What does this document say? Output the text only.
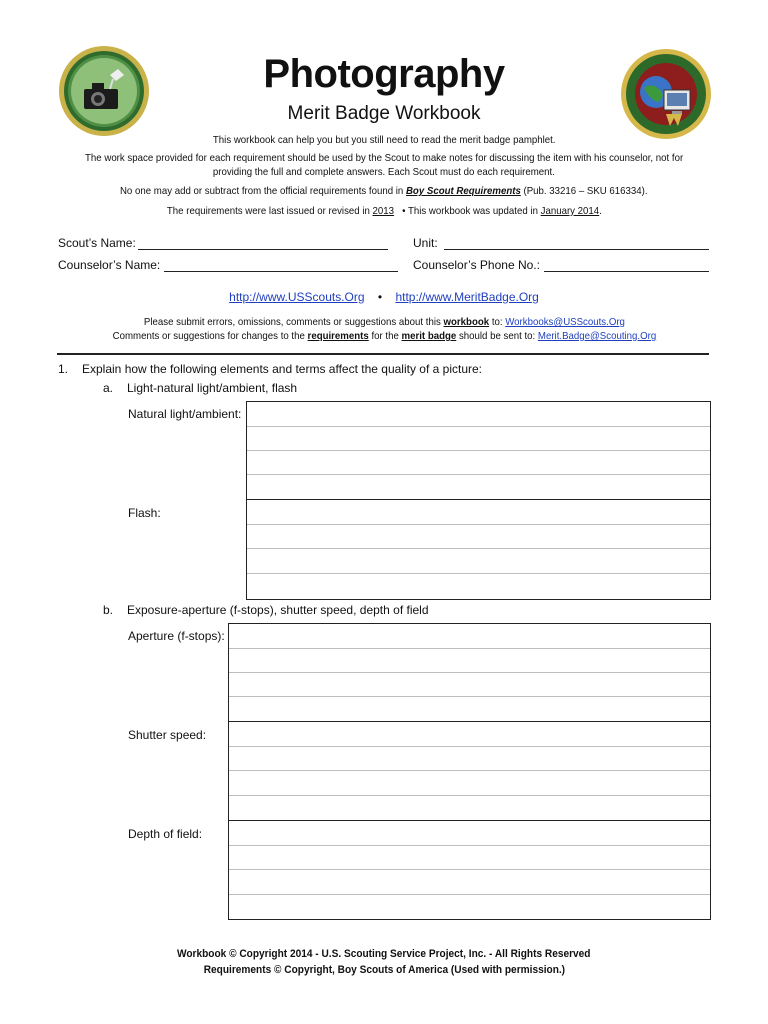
Photography
Merit Badge Workbook
This workbook can help you but you still need to read the merit badge pamphlet.
The work space provided for each requirement should be used by the Scout to make notes for discussing the item with his counselor, not for
providing the full and complete answers. Each Scout must do each requirement.
No one may add or subtract from the official requirements found in Boy Scout Requirements (Pub. 33216 – SKU 616334).
The requirements were last issued or revised in 2013 • This workbook was updated in January 2014.
Scout’s Name:	Unit:
Counselor’s Name:	Counselor’s Phone No.:
http://www.USScouts.Org • http://www.MeritBadge.Org
Please submit errors, omissions, comments or suggestions about this workbook to: Workbooks@USScouts.Org
Comments or suggestions for changes to the requirements for the merit badge should be sent to: Merit.Badge@Scouting.Org
1. Explain how the following elements and terms affect the quality of a picture:
a. Light-natural light/ambient, flash
Natural light/ambient:
Flash:
b. Exposure-aperture (f-stops), shutter speed, depth of field
Aperture (f-stops):
Shutter speed:
Depth of field:
Workbook © Copyright 2014 - U.S. Scouting Service Project, Inc. - All Rights Reserved
Requirements © Copyright, Boy Scouts of America (Used with permission.)
